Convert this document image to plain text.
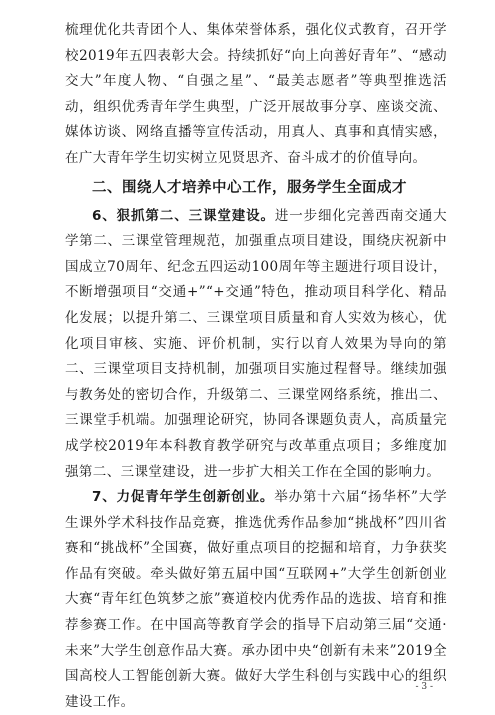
梳理优化共青团个人、集体荣誉体系，强化仪式教育，召开学校2019年五四表彰大会。持续抓好“向上向善好青年”、“感动交大”年度人物、“自强之星”、“最美志愿者”等典型推选活动，组织优秀青年学生典型，广泛开展故事分享、座谈交流、媒体访谈、网络直播等宣传活动，用真人、真事和真情实感，在广大青年学生切实树立见贤思齐、奋斗成才的价值导向。

二、围绕人才培养中心工作，服务学生全面成才

6、狠抓第二、三课堂建设。进一步细化完善西南交通大学第二、三课堂管理规范，加强重点项目建设，围绕庆祝新中国成立70周年、纪念五四运动100周年等主题进行项目设计，不断增强项目“交通+”“+交通”特色，推动项目科学化、精品化发展；以提升第二、三课堂项目质量和育人实效为核心，优化项目审核、实施、评价机制，实行以育人效果为导向的第二、三课堂项目支持机制，加强项目实施过程督导。继续加强与教务处的密切合作，升级第二、三课堂网络系统，推出二、三课堂手机端。加强理论研究，协同各课题负责人，高质量完成学校2019年本科教育教学研究与改革重点项目；多维度加强第二、三课堂建设，进一步扩大相关工作在全国的影响力。

7、力促青年学生创新创业。举办第十六届“扬华杯”大学生课外学术科技作品竞赛，推选优秀作品参加“挑战杯”四川省赛和“挑战杯”全国赛，做好重点项目的挖掘和培育，力争获奖作品有突破。牵头做好第五届中国“互联网+”大学生创新创业大赛“青年红色筑梦之旅”赛道校内优秀作品的选拔、培育和推荐参赛工作。在中国高等教育学会的指导下启动第三届“交通·未来”大学生创意作品大赛。承办团中央“创新有未来”2019全国高校人工智能创新大赛。做好大学生科创与实践中心的组织建设工作。

- 3 -
